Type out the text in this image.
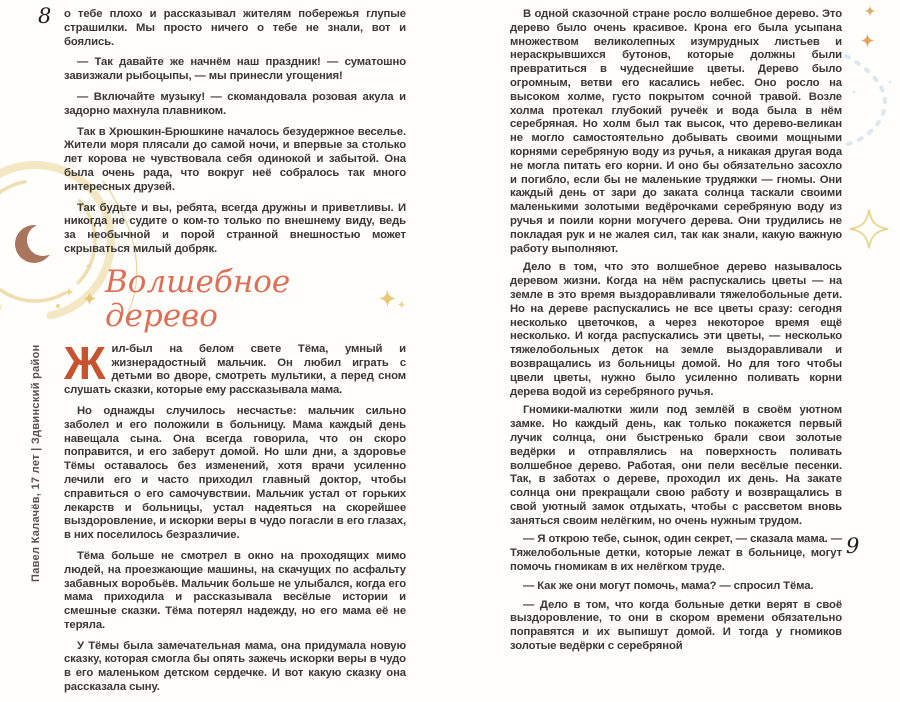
8
Павел Калачёв, 17 лет | Здвинский район

о тебе плохо и рассказывал жителям побережья глупые страшилки. Мы просто ничего о тебе не знали, вот и боялись.

— Так давайте же начнём наш праздник! — суматошно завизжали рыбоцыпы, — мы принесли угощения!

— Включайте музыку! — скомандовала розовая акула и задорно махнула плавником.

Так в Хрюшкин-Брюшкине началось безудержное веселье. Жители моря плясали до самой ночи, и впервые за столько лет корова не чувствовала себя одинокой и забытой. Она была очень рада, что вокруг неё собралось так много интересных друзей.

Так будьте и вы, ребята, всегда дружны и приветливы. И никогда не судите о ком-то только по внешнему виду, ведь за необычной и порой странной внешностью может скрываться милый добряк.

Волшебное дерево

Жил-был на белом свете Тёма, умный и жизнерадостный мальчик. Он любил играть с детьми во дворе, смотреть мультики, а перед сном слушать сказки, которые ему рассказывала мама.

Но однажды случилось несчастье: мальчик сильно заболел и его положили в больницу. Мама каждый день навещала сына. Она всегда говорила, что он скоро поправится, и его заберут домой. Но шли дни, а здоровье Тёмы оставалось без изменений, хотя врачи усиленно лечили его и часто приходил главный доктор, чтобы справиться о его самочувствии. Мальчик устал от горьких лекарств и больницы, устал надеяться на скорейшее выздоровление, и искорки веры в чудо погасли в его глазах, в них поселилось безразличие.

Тёма больше не смотрел в окно на проходящих мимо людей, на проезжающие машины, на скачущих по асфальту забавных воробьёв. Мальчик больше не улыбался, когда его мама приходила и рассказывала весёлые истории и смешные сказки. Тёма потерял надежду, но его мама её не теряла.

У Тёмы была замечательная мама, она придумала новую сказку, которая смогла бы опять зажечь искорки веры в чудо в его маленьком детском сердечке. И вот какую сказку она рассказала сыну.

В одной сказочной стране росло волшебное дерево. Это дерево было очень красивое. Крона его была усыпана множеством великолепных изумрудных листьев и нераскрывшихся бутонов, которые должны были превратиться в чудеснейшие цветы. Дерево было огромным, ветви его касались небес. Оно росло на высоком холме, густо покрытом сочной травой. Возле холма протекал глубокий ручеёк и вода была в нём серебряная. Но холм был так высок, что дерево-великан не могло самостоятельно добывать своими мощными корнями серебряную воду из ручья, а никакая другая вода не могла питать его корни. И оно бы обязательно засохло и погибло, если бы не маленькие трудяжки — гномы. Они каждый день от зари до заката солнца таскали своими маленькими золотыми ведёрочками серебряную воду из ручья и поили корни могучего дерева. Они трудились не покладая рук и не жалея сил, так как знали, какую важную работу выполняют.

Дело в том, что это волшебное дерево называлось деревом жизни. Когда на нём распускались цветы — на земле в это время выздоравливали тяжелобольные дети. Но на дереве распускались не все цветы сразу: сегодня несколько цветочков, а через некоторое время ещё несколько. И когда распускались эти цветы, — несколько тяжелобольных деток на земле выздоравливали и возвращались из больницы домой. Но для того чтобы цвели цветы, нужно было усиленно поливать корни дерева водой из серебряного ручья.

Гномики-малютки жили под землёй в своём уютном замке. Но каждый день, как только покажется первый лучик солнца, они быстренько брали свои золотые ведёрки и отправлялись на поверхность поливать волшебное дерево. Работая, они пели весёлые песенки. Так, в заботах о дереве, проходил их день. На закате солнца они прекращали свою работу и возвращались в свой уютный замок отдыхать, чтобы с рассветом вновь заняться своим нелёгким, но очень нужным трудом.

— Я открою тебе, сынок, один секрет, — сказала мама. — Тяжелобольные детки, которые лежат в больнице, могут помочь гномикам в их нелёгком труде.

— Как же они могут помочь, мама? — спросил Тёма.

— Дело в том, что когда больные детки верят в своё выздоровление, то они в скором времени обязательно поправятся и их выпишут домой. И тогда у гномиков золотые ведёрки с серебряной

9
